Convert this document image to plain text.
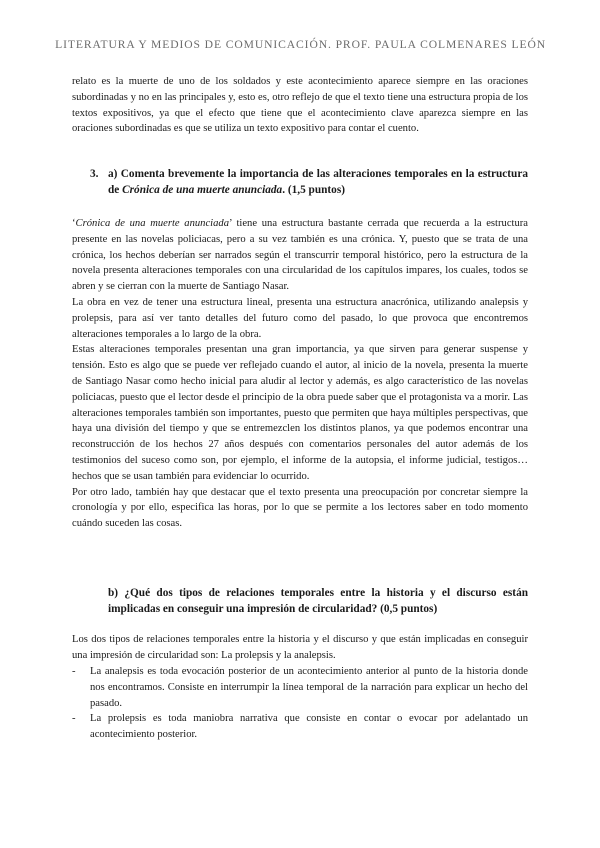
LITERATURA Y MEDIOS DE COMUNICACIÓN. PROF. PAULA COLMENARES LEÓN

relato es la muerte de uno de los soldados y este acontecimiento aparece siempre en las oraciones subordinadas y no en las principales y, esto es, otro reflejo de que el texto tiene una estructura propia de los textos expositivos, ya que el efecto que tiene que el acontecimiento clave aparezca siempre en las oraciones subordinadas es que se utiliza un texto expositivo para contar el cuento.

3. a) Comenta brevemente la importancia de las alteraciones temporales en la estructura de Crónica de una muerte anunciada. (1,5 puntos)

‘Crónica de una muerte anunciada’ tiene una estructura bastante cerrada que recuerda a la estructura presente en las novelas policiacas, pero a su vez también es una crónica. Y, puesto que se trata de una crónica, los hechos deberían ser narrados según el transcurrir temporal histórico, pero la estructura de la novela presenta alteraciones temporales con una circularidad de los capítulos impares, los cuales, todos se abren y se cierran con la muerte de Santiago Nasar.

La obra en vez de tener una estructura lineal, presenta una estructura anacrónica, utilizando analepsis y prolepsis, para así ver tanto detalles del futuro como del pasado, lo que provoca que encontremos alteraciones temporales a lo largo de la obra.

Estas alteraciones temporales presentan una gran importancia, ya que sirven para generar suspense y tensión. Esto es algo que se puede ver reflejado cuando el autor, al inicio de la novela, presenta la muerte de Santiago Nasar como hecho inicial para aludir al lector y además, es algo característico de las novelas policiacas, puesto que el lector desde el principio de la obra puede saber que el protagonista va a morir. Las alteraciones temporales también son importantes, puesto que permiten que haya múltiples perspectivas, que haya una división del tiempo y que se entremezclen los distintos planos, ya que podemos encontrar una reconstrucción de los hechos 27 años después con comentarios personales del autor además de los testimonios del suceso como son, por ejemplo, el informe de la autopsia, el informe judicial, testigos… hechos que se usan también para evidenciar lo ocurrido.

Por otro lado, también hay que destacar que el texto presenta una preocupación por concretar siempre la cronología y por ello, especifica las horas, por lo que se permite a los lectores saber en todo momento cuándo suceden las cosas.

b) ¿Qué dos tipos de relaciones temporales entre la historia y el discurso están implicadas en conseguir una impresión de circularidad? (0,5 puntos)

Los dos tipos de relaciones temporales entre la historia y el discurso y que están implicadas en conseguir una impresión de circularidad son: La prolepsis y la analepsis.

-	La analepsis es toda evocación posterior de un acontecimiento anterior al punto de la historia donde nos encontramos. Consiste en interrumpir la línea temporal de la narración para explicar un hecho del pasado.
-	La prolepsis es toda maniobra narrativa que consiste en contar o evocar por adelantado un acontecimiento posterior.
